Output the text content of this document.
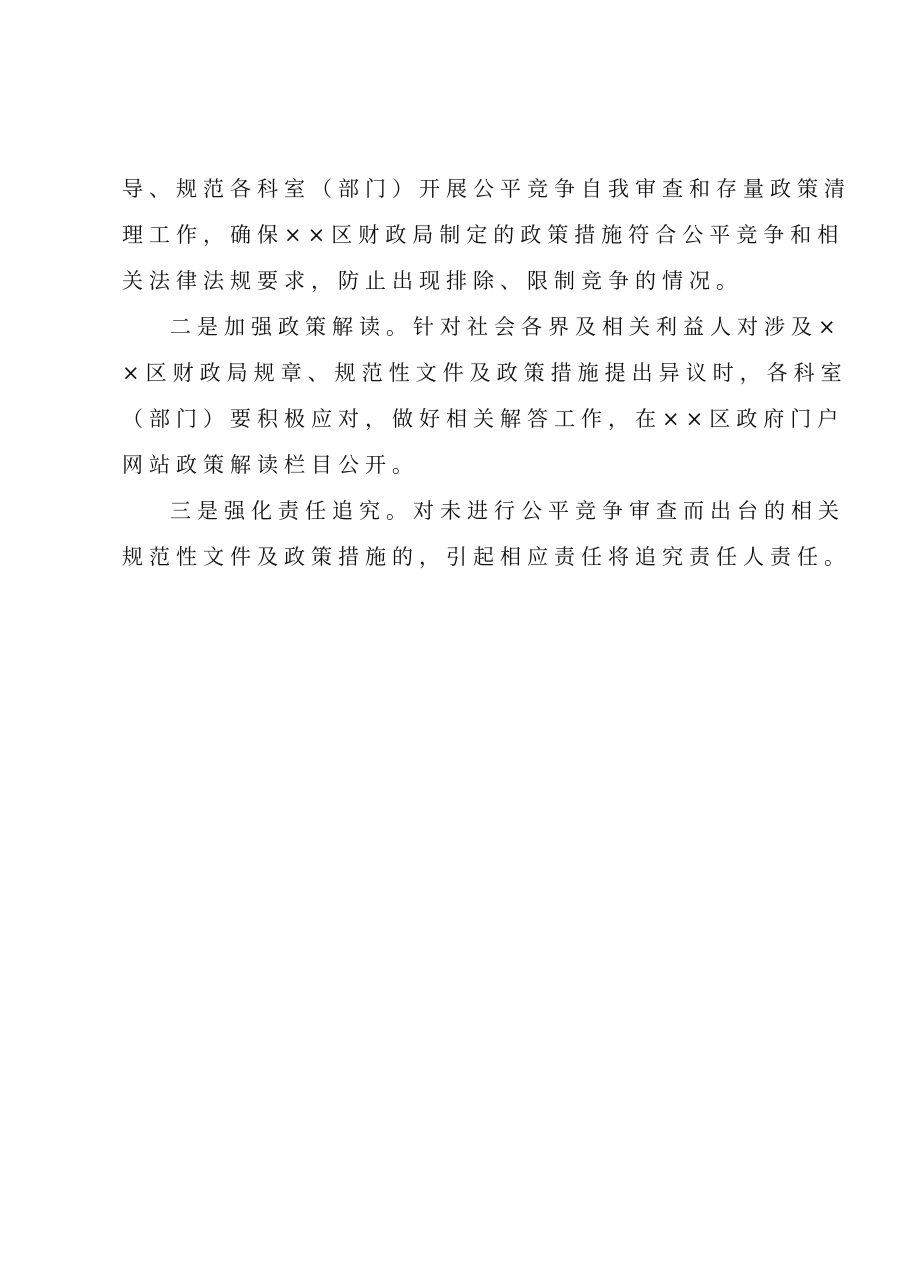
导、规范各科室（部门）开展公平竞争自我审查和存量政策清
理工作，确保××区财政局制定的政策措施符合公平竞争和相
关法律法规要求，防止出现排除、限制竞争的情况。
二是加强政策解读。针对社会各界及相关利益人对涉及×
×区财政局规章、规范性文件及政策措施提出异议时，各科室
（部门）要积极应对，做好相关解答工作，在××区政府门户
网站政策解读栏目公开。
三是强化责任追究。对未进行公平竞争审查而出台的相关
规范性文件及政策措施的，引起相应责任将追究责任人责任。
